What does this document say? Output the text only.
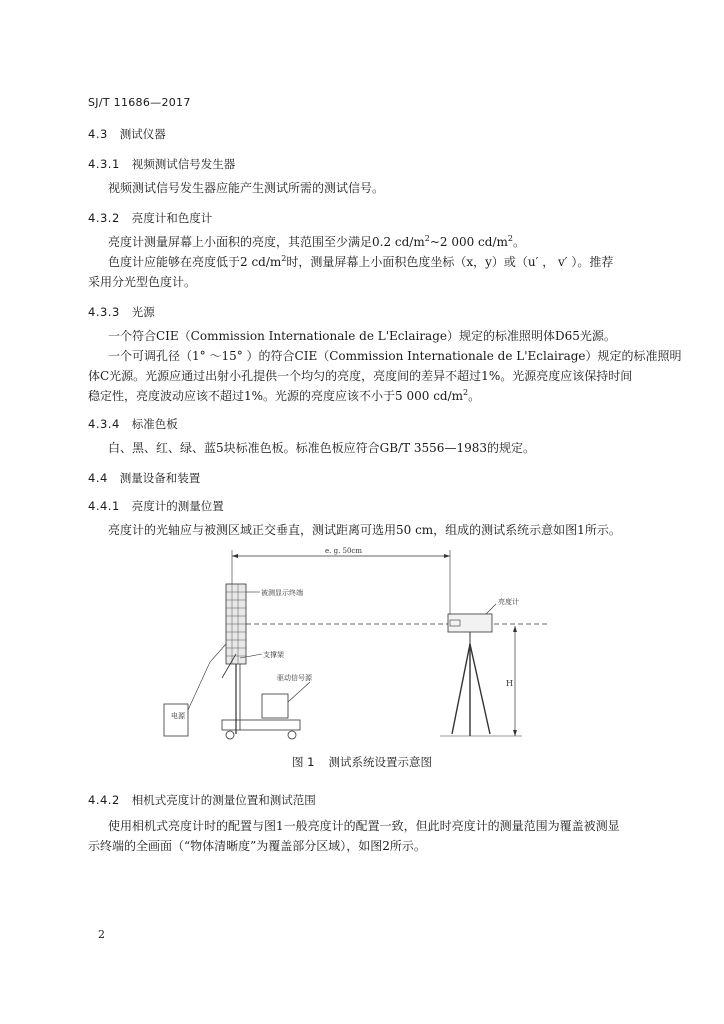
SJ/T 11686—2017
4.3 测试仪器
4.3.1 视频测试信号发生器
视频测试信号发生器应能产生测试所需的测试信号。
4.3.2 亮度计和色度计
亮度计测量屏幕上小面积的亮度，其范围至少满足0.2 $cd/m^2\sim 2$ 000 $cd/m^2$。
色度计应能够在亮度低于2 $cd/m^2$时，测量屏幕上小面积色度坐标（x，y）或（u′ ， v′ ）。推荐
采用分光型色度计。
4.3.3 光源
一个符合CIE（Commission Internationale de L'Eclairage）规定的标准照明体D65光源。
一个可调孔径（1° ～15° ）的符合CIE（Commission Internationale de L'Eclairage）规定的标准照明
体C光源。光源应通过出射小孔提供一个均匀的亮度，亮度间的差异不超过1%。光源亮度应该保持时间
稳定性，亮度波动应该不超过1%。光源的亮度应该不小于5 000 $cd/m^2$。
4.3.4 标准色板
白、黑、红、绿、蓝5块标准色板。标准色板应符合GB/T 3556—1983的规定。
4.4 测量设备和装置
4.4.1 亮度计的测量位置
亮度计的光轴应与被测区域正交垂直，测试距离可选用50 cm，组成的测试系统示意如图1所示。
e. g. 50cm
被测显示终端
支撑架
驱动信号源
电源
亮度计
H
图 1 测试系统设置示意图
4.4.2 相机式亮度计的测量位置和测试范围
使用相机式亮度计时的配置与图1一般亮度计的配置一致，但此时亮度计的测量范围为覆盖被测显
示终端的全画面（“物体清晰度”为覆盖部分区域），如图2所示。
2
